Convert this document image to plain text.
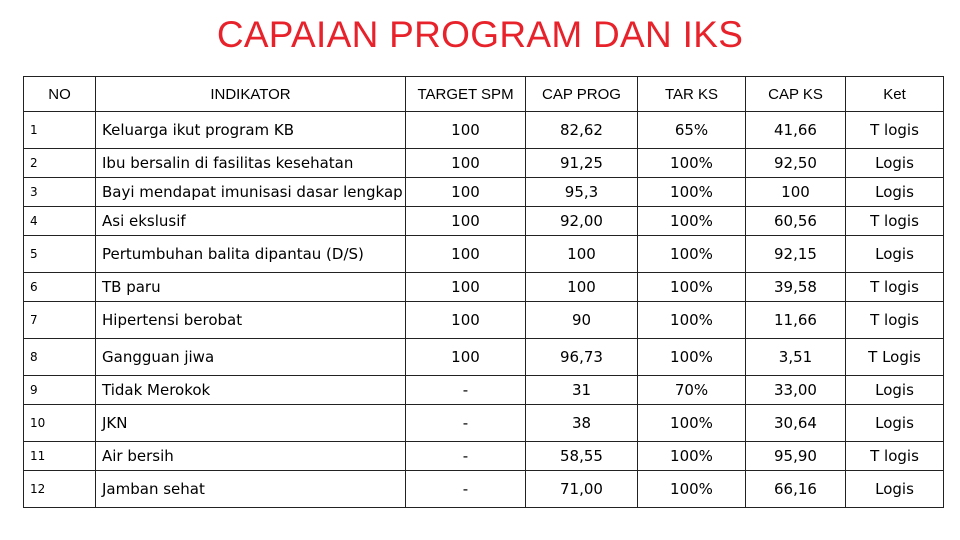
CAPAIAN PROGRAM DAN IKS
NO	INDIKATOR	TARGET SPM	CAP PROG	TAR KS	CAP KS	Ket
1	Keluarga ikut program KB	100	82,62	65%	41,66	T logis
2	Ibu bersalin di fasilitas kesehatan	100	91,25	100%	92,50	Logis
3	Bayi mendapat imunisasi dasar lengkap	100	95,3	100%	100	Logis
4	Asi ekslusif	100	92,00	100%	60,56	T logis
5	Pertumbuhan balita dipantau (D/S)	100	100	100%	92,15	Logis
6	TB paru	100	100	100%	39,58	T logis
7	Hipertensi berobat	100	90	100%	11,66	T logis
8	Gangguan jiwa	100	96,73	100%	3,51	T Logis
9	Tidak Merokok	-	31	70%	33,00	Logis
10	JKN	-	38	100%	30,64	Logis
11	Air bersih	-	58,55	100%	95,90	T logis
12	Jamban sehat	-	71,00	100%	66,16	Logis
